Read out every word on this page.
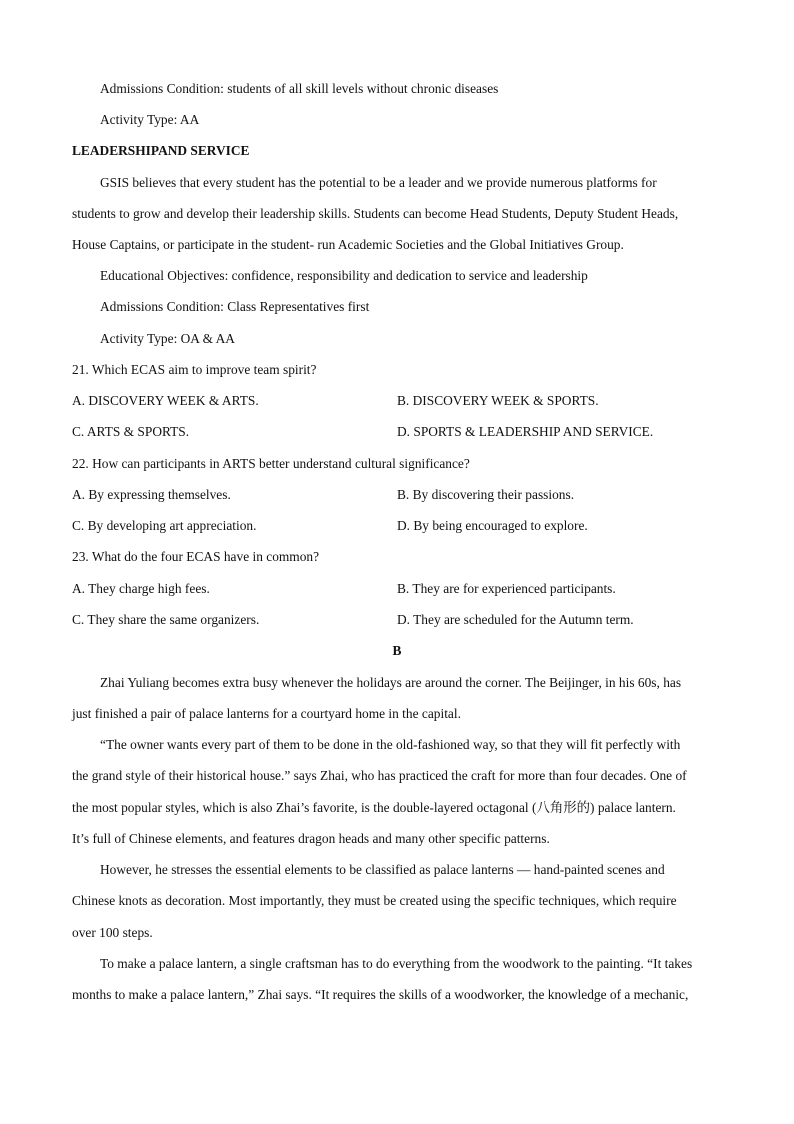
Admissions Condition: students of all skill levels without chronic diseases
Activity Type: AA
LEADERSHIPAND SERVICE
GSIS believes that every student has the potential to be a leader and we provide numerous platforms for
students to grow and develop their leadership skills. Students can become Head Students, Deputy Student Heads,
House Captains, or participate in the student- run Academic Societies and the Global Initiatives Group.
Educational Objectives: confidence, responsibility and dedication to service and leadership
Admissions Condition: Class Representatives first
Activity Type: OA & AA
21. Which ECAS aim to improve team spirit?
A. DISCOVERY WEEK & ARTS.	B. DISCOVERY WEEK & SPORTS.
C. ARTS & SPORTS.	D. SPORTS & LEADERSHIP AND SERVICE.
22. How can participants in ARTS better understand cultural significance?
A. By expressing themselves.	B. By discovering their passions.
C. By developing art appreciation.	D. By being encouraged to explore.
23. What do the four ECAS have in common?
A. They charge high fees.	B. They are for experienced participants.
C. They share the same organizers.	D. They are scheduled for the Autumn term.
B
Zhai Yuliang becomes extra busy whenever the holidays are around the corner. The Beijinger, in his 60s, has
just finished a pair of palace lanterns for a courtyard home in the capital.
“The owner wants every part of them to be done in the old-fashioned way, so that they will fit perfectly with
the grand style of their historical house.” says Zhai, who has practiced the craft for more than four decades. One of
the most popular styles, which is also Zhai’s favorite, is the double-layered octagonal (八角形的) palace lantern.
It’s full of Chinese elements, and features dragon heads and many other specific patterns.
However, he stresses the essential elements to be classified as palace lanterns — hand-painted scenes and
Chinese knots as decoration. Most importantly, they must be created using the specific techniques, which require
over 100 steps.
To make a palace lantern, a single craftsman has to do everything from the woodwork to the painting. “It takes
months to make a palace lantern,” Zhai says. “It requires the skills of a woodworker, the knowledge of a mechanic,
